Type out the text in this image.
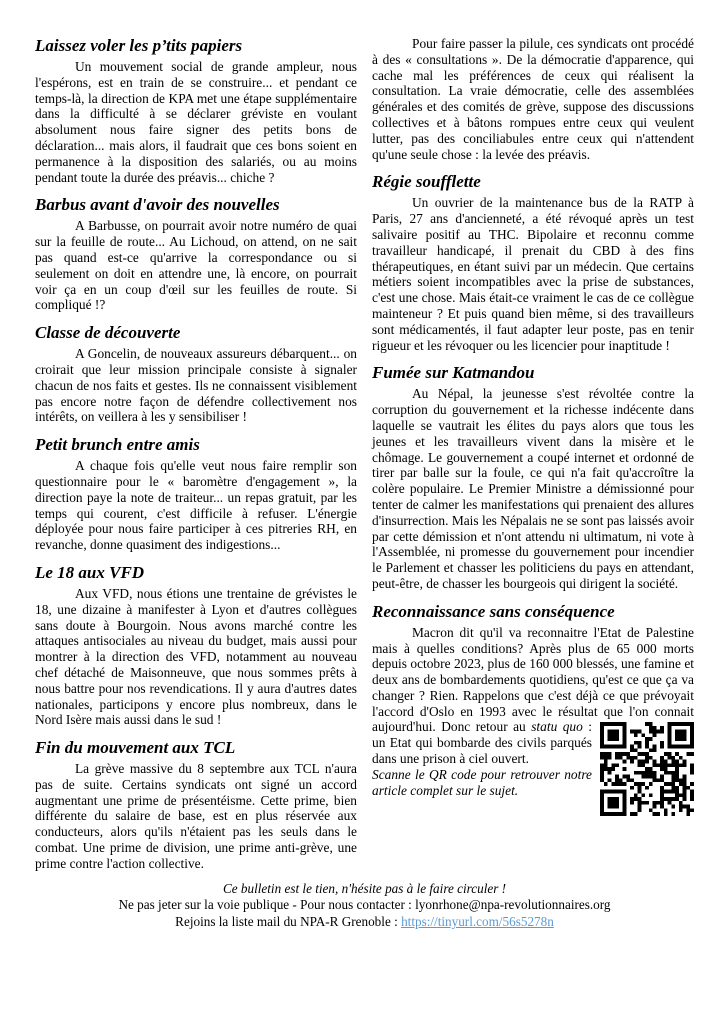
Laissez voler les p’tits papiers

Un mouvement social de grande ampleur, nous l'espérons, est en train de se construire... et pendant ce temps-là, la direction de KPA met une étape supplémentaire dans la difficulté à se déclarer gréviste en voulant absolument nous faire signer des petits bons de déclaration... mais alors, il faudrait que ces bons soient en permanence à la disposition des salariés, ou au moins pendant toute la durée des préavis... chiche ?

Barbus avant d'avoir des nouvelles

A Barbusse, on pourrait avoir notre numéro de quai sur la feuille de route... Au Lichoud, on attend, on ne sait pas quand est-ce qu'arrive la correspondance ou si seulement on doit en attendre une, là encore, on pourrait voir ça en un coup d'œil sur les feuilles de route. Si compliqué !?

Classe de découverte

A Goncelin, de nouveaux assureurs débarquent... on croirait que leur mission principale consiste à signaler chacun de nos faits et gestes. Ils ne connaissent visiblement pas encore notre façon de défendre collectivement nos intérêts, on veillera à les y sensibiliser !

Petit brunch entre amis

A chaque fois qu'elle veut nous faire remplir son questionnaire pour le « baromètre d'engagement », la direction paye la note de traiteur... un repas gratuit, par les temps qui courent, c'est difficile à refuser. L'énergie déployée pour nous faire participer à ces pitreries RH, en revanche, donne quasiment des indigestions...

Le 18 aux VFD

Aux VFD, nous étions une trentaine de grévistes le 18, une dizaine à manifester à Lyon et d'autres collègues sans doute à Bourgoin. Nous avons marché contre les attaques antisociales au niveau du budget, mais aussi pour montrer à la direction des VFD, notamment au nouveau chef détaché de Maisonneuve, que nous sommes prêts à nous battre pour nos revendications. Il y aura d'autres dates nationales, participons y encore plus nombreux, dans le Nord Isère mais aussi dans le sud !

Fin du mouvement aux TCL

La grève massive du 8 septembre aux TCL n'aura pas de suite. Certains syndicats ont signé un accord augmentant une prime de présentéisme. Cette prime, bien différente du salaire de base, est en plus réservée aux conducteurs, alors qu'ils n'étaient pas les seuls dans le combat. Une prime de division, une prime anti-grève, une prime contre l'action collective.

Pour faire passer la pilule, ces syndicats ont procédé à des « consultations ». De la démocratie d'apparence, qui cache mal les préférences de ceux qui réalisent la consultation. La vraie démocratie, celle des assemblées générales et des comités de grève, suppose des discussions collectives et à bâtons rompues entre ceux qui veulent lutter, pas des conciliabules entre ceux qui n'attendent qu'une seule chose : la levée des préavis.

Régie soufflette

Un ouvrier de la maintenance bus de la RATP à Paris, 27 ans d'ancienneté, a été révoqué après un test salivaire positif au THC. Bipolaire et reconnu comme travailleur handicapé, il prenait du CBD à des fins thérapeutiques, en étant suivi par un médecin. Que certains métiers soient incompatibles avec la prise de substances, c'est une chose. Mais était-ce vraiment le cas de ce collègue mainteneur ? Et puis quand bien même, si des travailleurs sont médicamentés, il faut adapter leur poste, pas en tenir rigueur et les révoquer ou les licencier pour inaptitude !

Fumée sur Katmandou

Au Népal, la jeunesse s'est révoltée contre la corruption du gouvernement et la richesse indécente dans laquelle se vautrait les élites du pays alors que tous les jeunes et les travailleurs vivent dans la misère et le chômage. Le gouvernement a coupé internet et ordonné de tirer par balle sur la foule, ce qui n'a fait qu'accroître la colère populaire. Le Premier Ministre a démissionné pour tenter de calmer les manifestations qui prenaient des allures d'insurrection. Mais les Népalais ne se sont pas laissés avoir par cette démission et n'ont attendu ni ultimatum, ni vote à l'Assemblée, ni promesse du gouvernement pour incendier le Parlement et chasser les politiciens du pays en attendant, peut-être, de chasser les bourgeois qui dirigent la société.

Reconnaissance sans conséquence

Macron dit qu'il va reconnaitre l'Etat de Palestine mais à quelles conditions? Après plus de 65 000 morts depuis octobre 2023, plus de 160 000 blessés, une famine et deux ans de bombardements quotidiens, qu'est ce que ça va changer ? Rien. Rappelons que c'est déjà ce que prévoyait l'accord d'Oslo en 1993 avec le résultat que l'on connait
aujourd'hui. Donc retour au statu quo : un Etat qui bombarde des civils parqués dans une prison à ciel ouvert.

Scanne le QR code pour retrouver notre article complet sur le sujet.

Ce bulletin est le tien, n'hésite pas à le faire circuler !
Ne pas jeter sur la voie publique - Pour nous contacter : lyonrhone@npa-revolutionnaires.org
Rejoins la liste mail du NPA-R Grenoble : https://tinyurl.com/56s5278n
